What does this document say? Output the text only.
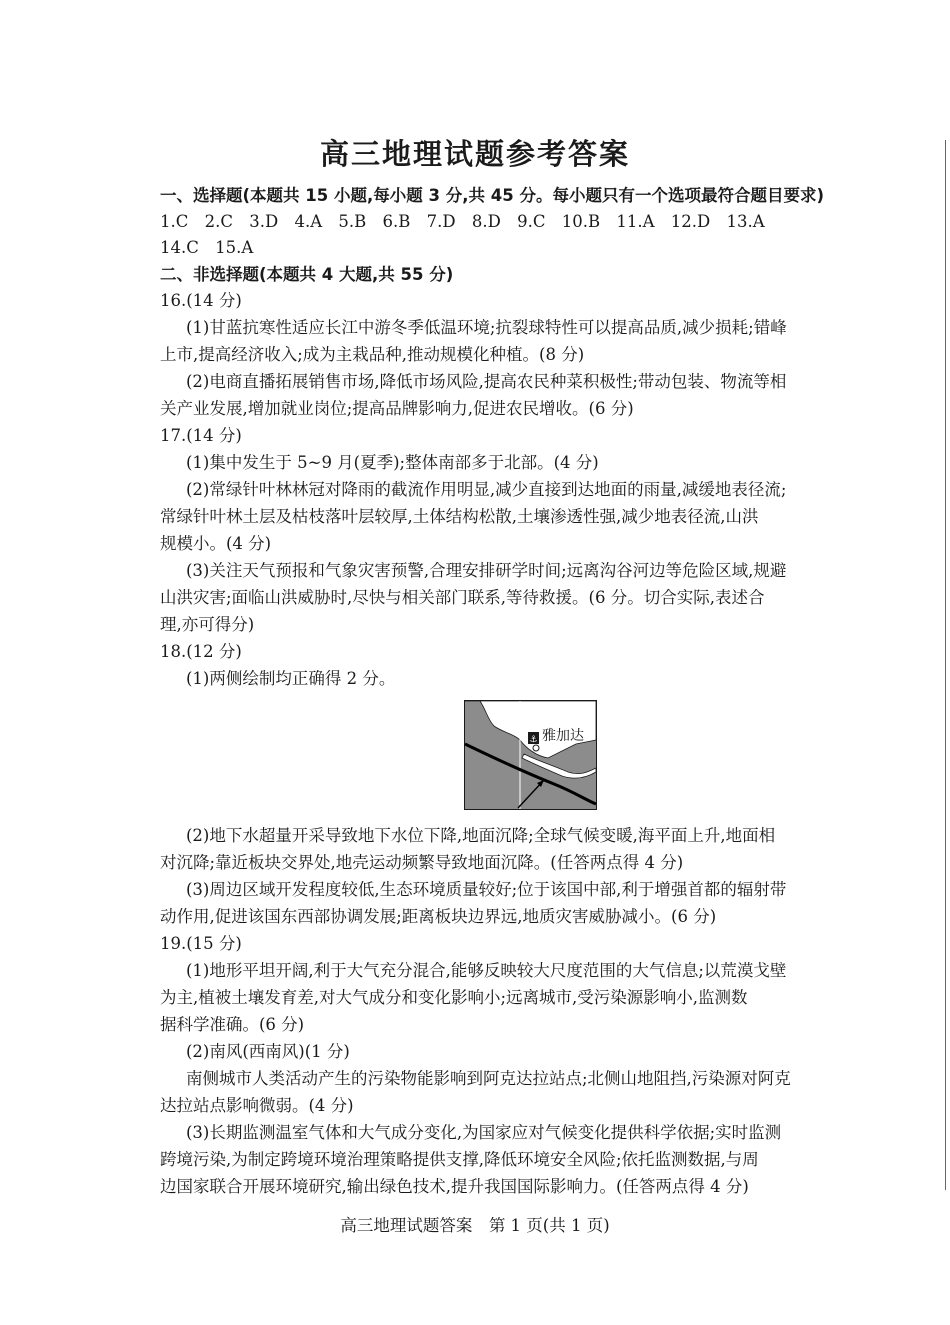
高三地理试题参考答案
一、选择题(本题共 15 小题,每小题 3 分,共 45 分。每小题只有一个选项最符合题目要求)
1.C 2.C 3.D 4.A 5.B 6.B 7.D 8.D 9.C 10.B 11.A 12.D 13.A
14.C 15.A
二、非选择题(本题共 4 大题,共 55 分)
16.(14 分)
(1)甘蓝抗寒性适应长江中游冬季低温环境;抗裂球特性可以提高品质,减少损耗;错峰
上市,提高经济收入;成为主栽品种,推动规模化种植。(8 分)
(2)电商直播拓展销售市场,降低市场风险,提高农民种菜积极性;带动包装、物流等相
关产业发展,增加就业岗位;提高品牌影响力,促进农民增收。(6 分)
17.(14 分)
(1)集中发生于 5~9 月(夏季);整体南部多于北部。(4 分)
(2)常绿针叶林林冠对降雨的截流作用明显,减少直接到达地面的雨量,减缓地表径流;
常绿针叶林土层及枯枝落叶层较厚,土体结构松散,土壤渗透性强,减少地表径流,山洪
规模小。(4 分)
(3)关注天气预报和气象灾害预警,合理安排研学时间;远离沟谷河边等危险区域,规避
山洪灾害;面临山洪威胁时,尽快与相关部门联系,等待救援。(6 分。切合实际,表述合
理,亦可得分)
18.(12 分)
(1)两侧绘制均正确得 2 分。
⚓ 雅加达
(2)地下水超量开采导致地下水位下降,地面沉降;全球气候变暖,海平面上升,地面相
对沉降;靠近板块交界处,地壳运动频繁导致地面沉降。(任答两点得 4 分)
(3)周边区域开发程度较低,生态环境质量较好;位于该国中部,利于增强首都的辐射带
动作用,促进该国东西部协调发展;距离板块边界远,地质灾害威胁减小。(6 分)
19.(15 分)
(1)地形平坦开阔,利于大气充分混合,能够反映较大尺度范围的大气信息;以荒漠戈壁
为主,植被土壤发育差,对大气成分和变化影响小;远离城市,受污染源影响小,监测数
据科学准确。(6 分)
(2)南风(西南风)(1 分)
南侧城市人类活动产生的污染物能影响到阿克达拉站点;北侧山地阻挡,污染源对阿克
达拉站点影响微弱。(4 分)
(3)长期监测温室气体和大气成分变化,为国家应对气候变化提供科学依据;实时监测
跨境污染,为制定跨境环境治理策略提供支撑,降低环境安全风险;依托监测数据,与周
边国家联合开展环境研究,输出绿色技术,提升我国国际影响力。(任答两点得 4 分)
高三地理试题答案　第 1 页(共 1 页)
